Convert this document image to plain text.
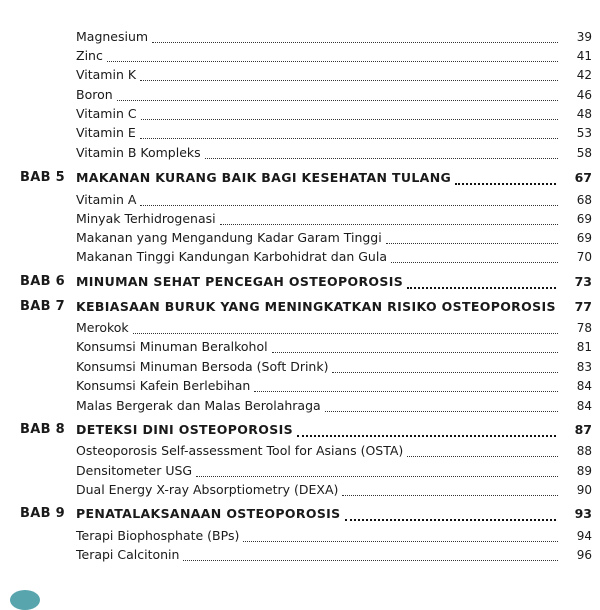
Magnesium	39
Zinc	41
Vitamin K	42
Boron	46
Vitamin C	48
Vitamin E	53
Vitamin B Kompleks	58
BAB 5 MAKANAN KURANG BAIK BAGI KESEHATAN TULANG	67
Vitamin A	68
Minyak Terhidrogenasi	69
Makanan yang Mengandung Kadar Garam Tinggi	69
Makanan Tinggi Kandungan Karbohidrat dan Gula	70
BAB 6 MINUMAN SEHAT PENCEGAH OSTEOPOROSIS	73
BAB 7 KEBIASAAN BURUK YANG MENINGKATKAN RISIKO OSTEOPOROSIS	77
Merokok	78
Konsumsi Minuman Beralkohol	81
Konsumsi Minuman Bersoda (Soft Drink)	83
Konsumsi Kafein Berlebihan	84
Malas Bergerak dan Malas Berolahraga	84
BAB 8 DETEKSI DINI OSTEOPOROSIS	87
Osteoporosis Self-assessment Tool for Asians (OSTA)	88
Densitometer USG	89
Dual Energy X-ray Absorptiometry (DEXA)	90
BAB 9 PENATALAKSANAAN OSTEOPOROSIS	93
Terapi Biophosphate (BPs)	94
Terapi Calcitonin	96
